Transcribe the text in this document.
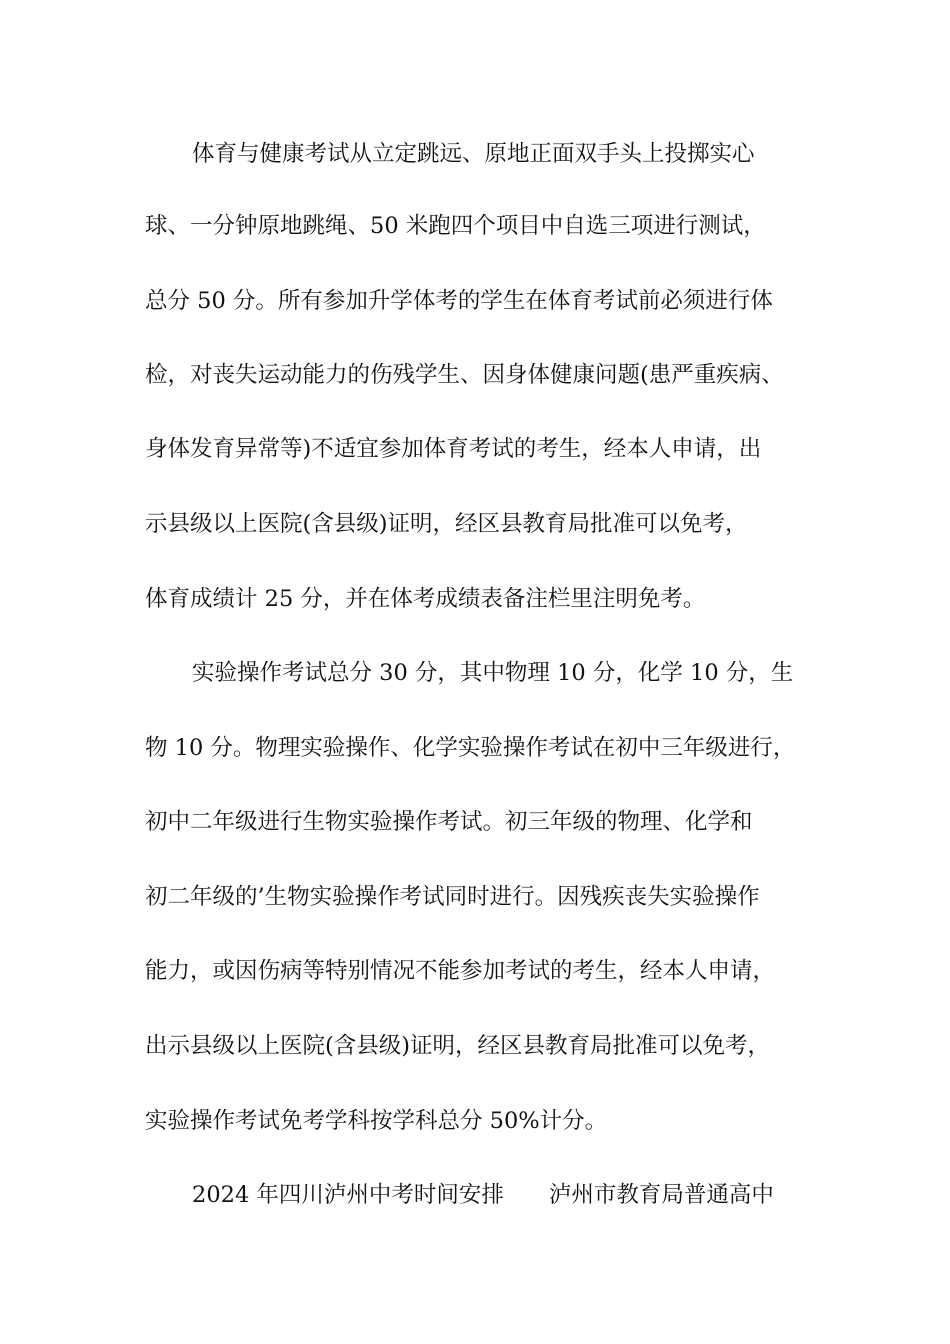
体育与健康考试从立定跳远、原地正面双手头上投掷实心
球、一分钟原地跳绳、50 米跑四个项目中自选三项进行测试，
总分 50 分。所有参加升学体考的学生在体育考试前必须进行体
检，对丧失运动能力的伤残学生、因身体健康问题(患严重疾病、
身体发育异常等)不适宜参加体育考试的考生，经本人申请，出
示县级以上医院(含县级)证明，经区县教育局批准可以免考，
体育成绩计 25 分，并在体考成绩表备注栏里注明免考。
实验操作考试总分 30 分，其中物理 10 分，化学 10 分，生
物 10 分。物理实验操作、化学实验操作考试在初中三年级进行，
初中二年级进行生物实验操作考试。初三年级的物理、化学和
初二年级的’生物实验操作考试同时进行。因残疾丧失实验操作
能力，或因伤病等特别情况不能参加考试的考生，经本人申请，
出示县级以上医院(含县级)证明，经区县教育局批准可以免考，
实验操作考试免考学科按学科总分 50%计分。
2024 年四川泸州中考时间安排　　泸州市教育局普通高中
